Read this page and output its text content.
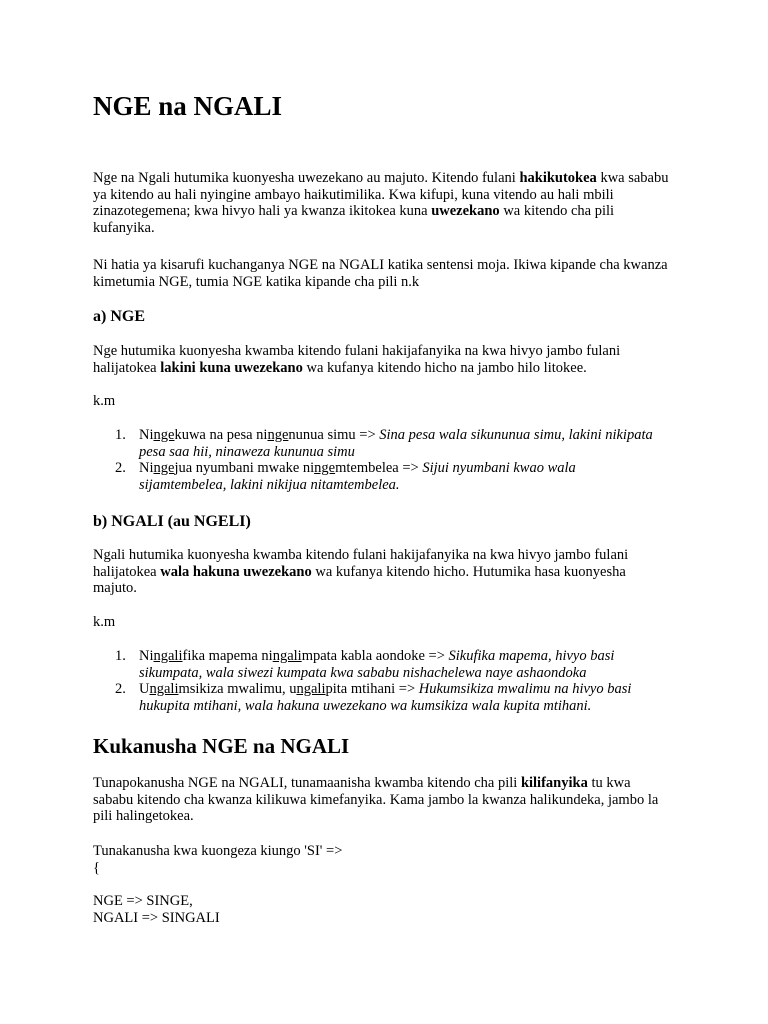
NGE na NGALI

Nge na Ngali hutumika kuonyesha uwezekano au majuto. Kitendo fulani hakikutokea kwa sababu ya kitendo au hali nyingine ambayo haikutimilika. Kwa kifupi, kuna vitendo au hali mbili zinazotegemena; kwa hivyo hali ya kwanza ikitokea kuna uwezekano wa kitendo cha pili kufanyika.

Ni hatia ya kisarufi kuchanganya NGE na NGALI katika sentensi moja. Ikiwa kipande cha kwanza kimetumia NGE, tumia NGE katika kipande cha pili n.k

a) NGE

Nge hutumika kuonyesha kwamba kitendo fulani hakijafanyika na kwa hivyo jambo fulani halijatokea lakini kuna uwezekano wa kufanya kitendo hicho na jambo hilo litokee.

k.m

1. Ningekuwa na pesa ningenunua simu => Sina pesa wala sikununua simu, lakini nikipata pesa saa hii, ninaweza kununua simu
2. Ningejua nyumbani mwake ningemtembelea => Sijui nyumbani kwao wala sijamtembelea, lakini nikijua nitamtembelea.
b) NGALI (au NGELI)

Ngali hutumika kuonyesha kwamba kitendo fulani hakijafanyika na kwa hivyo jambo fulani halijatokea wala hakuna uwezekano wa kufanya kitendo hicho. Hutumika hasa kuonyesha majuto.

k.m

1. Ningalifika mapema ningalimpata kabla aondoke => Sikufika mapema, hivyo basi sikumpata, wala siwezi kumpata kwa sababu nishachelewa naye ashaondoka
2. Ungalimsikiza mwalimu, ungalipita mtihani => Hukumsikiza mwalimu na hivyo basi hukupita mtihani, wala hakuna uwezekano wa kumsikiza wala kupita mtihani.
Kukanusha NGE na NGALI

Tunapokanusha NGE na NGALI, tunamaanisha kwamba kitendo cha pili kilifanyika tu kwa sababu kitendo cha kwanza kilikuwa kimefanyika. Kama jambo la kwanza halikundeka, jambo la pili halingetokea.

Tunakanusha kwa kuongeza kiungo 'SI' =>

{

NGE => SINGE,

NGALI => SINGALI
